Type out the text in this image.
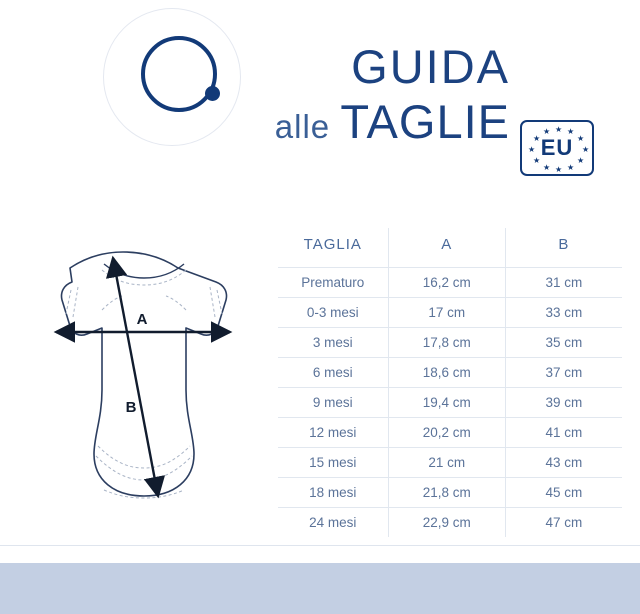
GUIDA
alle TAGLIE	EU
★
★ ★
★	★
★	★
★	★
★ ★
★
A
B
TAGLIA	A	B
Prematuro	16,2 cm	31 cm
0-3 mesi	17 cm	33 cm
3 mesi	17,8 cm	35 cm
6 mesi	18,6 cm	37 cm
9 mesi	19,4 cm	39 cm
12 mesi	20,2 cm	41 cm
15 mesi	21 cm	43 cm
18 mesi	21,8 cm	45 cm
24 mesi	22,9 cm	47 cm
